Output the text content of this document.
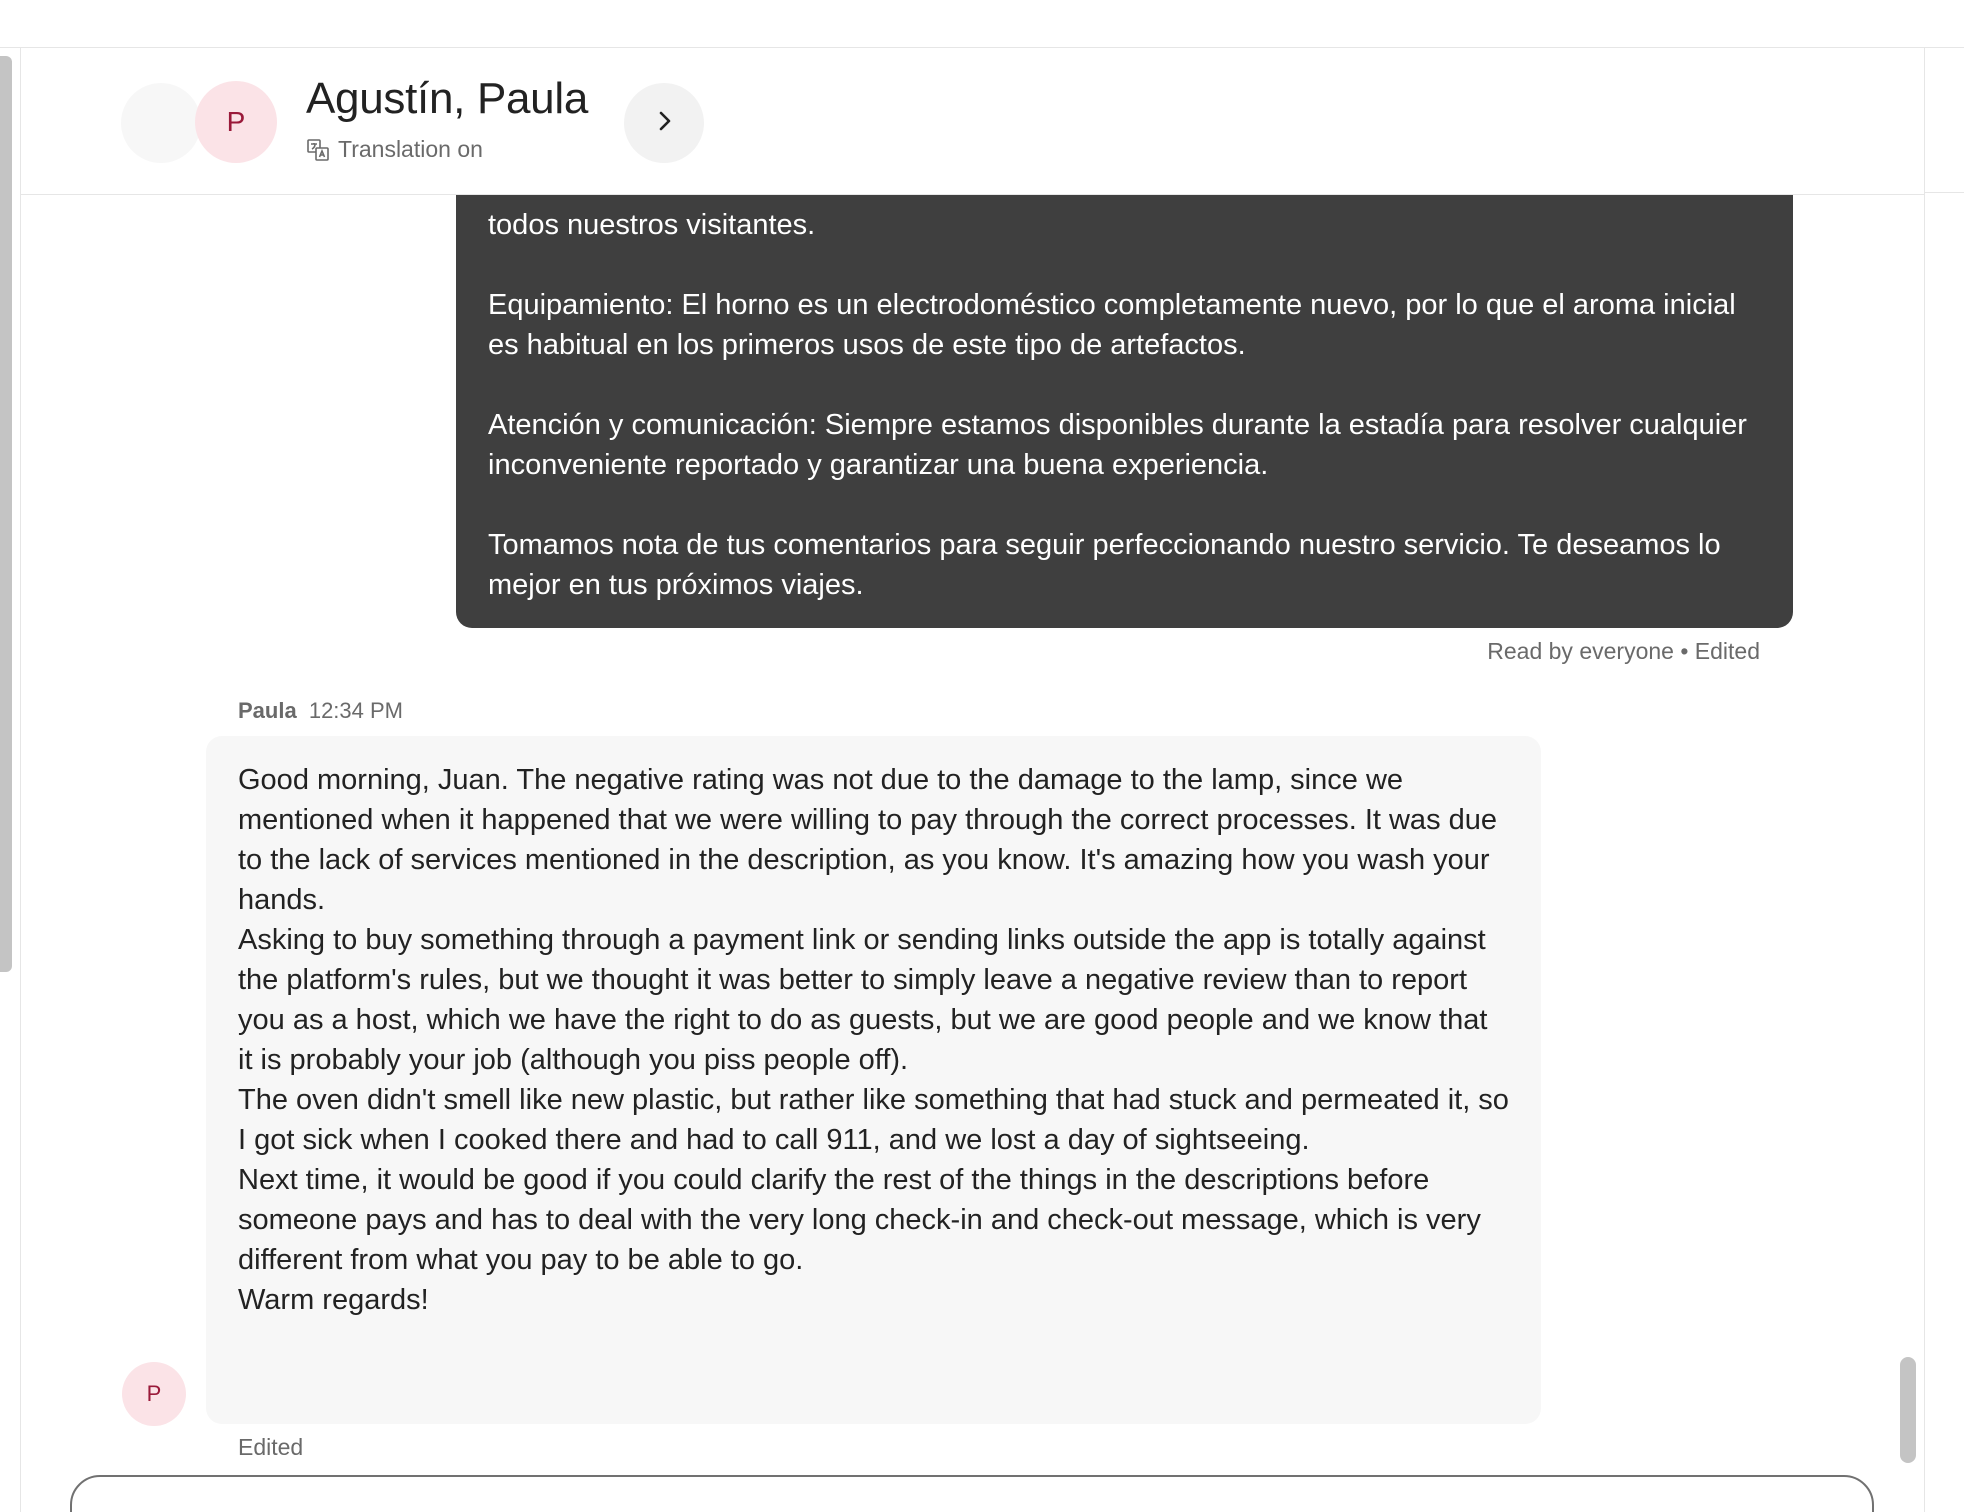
todos nuestros visitantes.

Equipamiento: El horno es un electrodoméstico completamente nuevo, por lo que el aroma inicial es habitual en los primeros usos de este tipo de artefactos.

Atención y comunicación: Siempre estamos disponibles durante la estadía para resolver cualquier inconveniente reportado y garantizar una buena experiencia.

Tomamos nota de tus comentarios para seguir perfeccionando nuestro servicio. Te deseamos lo mejor en tus próximos viajes.

Read by everyone • Edited
Paula 12:34 PM

Good morning, Juan. The negative rating was not due to the damage to the lamp, since we mentioned when it happened that we were willing to pay through the correct processes. It was due to the lack of services mentioned in the description, as you know. It's amazing how you wash your hands.

Asking to buy something through a payment link or sending links outside the app is totally against the platform's rules, but we thought it was better to simply leave a negative review than to report you as a host, which we have the right to do as guests, but we are good people and we know that it is probably your job (although you piss people off).

The oven didn't smell like new plastic, but rather like something that had stuck and permeated it, so I got sick when I cooked there and had to call 911, and we lost a day of sightseeing.

Next time, it would be good if you could clarify the rest of the things in the descriptions before someone pays and has to deal with the very long check-in and check-out message, which is very different from what you pay to be able to go.

Warm regards!

P
Edited
P	Agustín, Paula
Translation on
